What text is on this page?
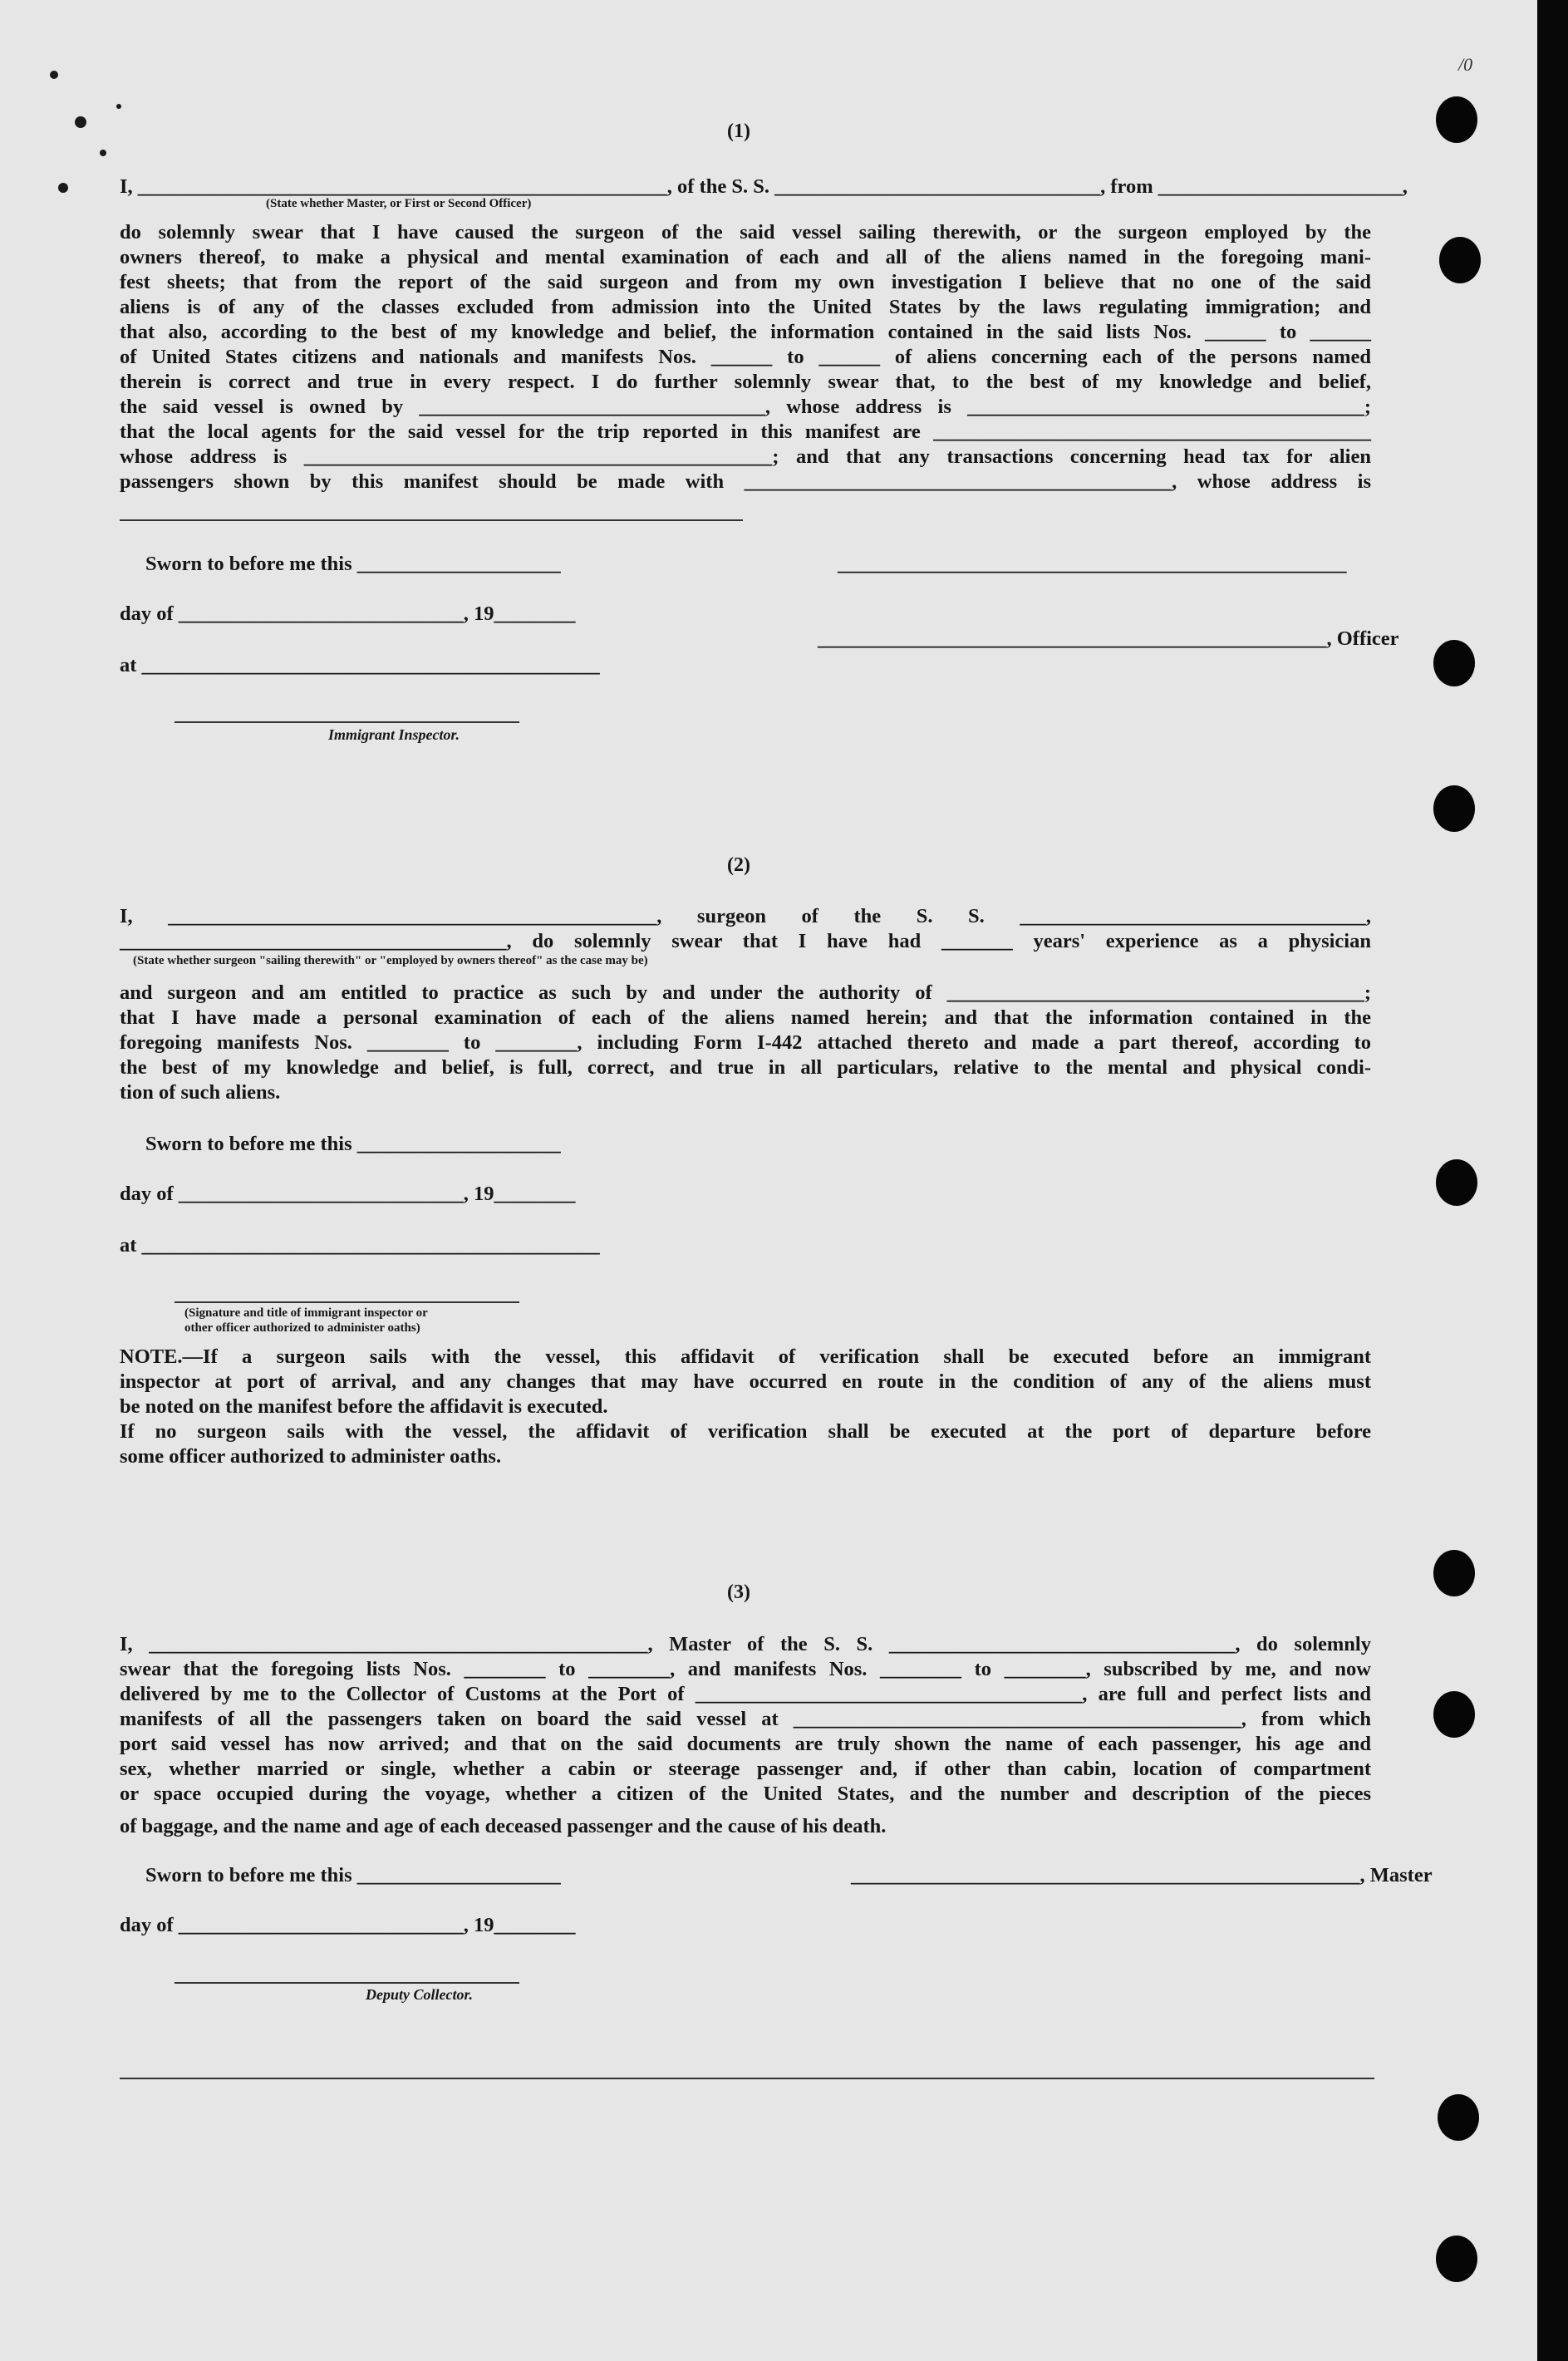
/0
(1)
I, ____________________________________________________, of the S. S. ________________________________, from ________________________,
(State whether Master, or First or Second Officer)
do solemnly swear that I have caused the surgeon of the said vessel sailing therewith, or the surgeon employed by the
owners thereof, to make a physical and mental examination of each and all of the aliens named in the foregoing mani-
fest sheets; that from the report of the said surgeon and from my own investigation I believe that no one of the said
aliens is of any of the classes excluded from admission into the United States by the laws regulating immigration; and
that also, according to the best of my knowledge and belief, the information contained in the said lists Nos. ______ to ______
of United States citizens and nationals and manifests Nos. ______ to ______ of aliens concerning each of the persons named
therein is correct and true in every respect. I do further solemnly swear that, to the best of my knowledge and belief,
the said vessel is owned by __________________________________, whose address is _______________________________________;
that the local agents for the said vessel for the trip reported in this manifest are ___________________________________________
whose address is ______________________________________________; and that any transactions concerning head tax for alien
passengers shown by this manifest should be made with __________________________________________, whose address is
Sworn to before me this ____________________	__________________________________________________
day of ____________________________, 19________
__________________________________________________, Officer
at _____________________________________________
Immigrant Inspector.
(2)
I, ________________________________________________, surgeon of the S. S. __________________________________,
______________________________________, do solemnly swear that I have had _______ years' experience as a physician
(State whether surgeon "sailing therewith" or "employed by owners thereof" as the case may be)
and surgeon and am entitled to practice as such by and under the authority of _________________________________________;
that I have made a personal examination of each of the aliens named herein; and that the information contained in the
foregoing manifests Nos. ________ to ________, including Form I-442 attached thereto and made a part thereof, according to
the best of my knowledge and belief, is full, correct, and true in all particulars, relative to the mental and physical condi-
tion of such aliens.
Sworn to before me this ____________________
day of ____________________________, 19________
at _____________________________________________
(Signature and title of immigrant inspector or
other officer authorized to administer oaths)
NOTE.—If a surgeon sails with the vessel, this affidavit of verification shall be executed before an immigrant
inspector at port of arrival, and any changes that may have occurred en route in the condition of any of the aliens must
be noted on the manifest before the affidavit is executed.
If no surgeon sails with the vessel, the affidavit of verification shall be executed at the port of departure before
some officer authorized to administer oaths.
(3)
I, _________________________________________________, Master of the S. S. __________________________________, do solemnly
swear that the foregoing lists Nos. ________ to ________, and manifests Nos. ________ to ________, subscribed by me, and now
delivered by me to the Collector of Customs at the Port of ______________________________________, are full and perfect lists and
manifests of all the passengers taken on board the said vessel at ____________________________________________, from which
port said vessel has now arrived; and that on the said documents are truly shown the name of each passenger, his age and
sex, whether married or single, whether a cabin or steerage passenger and, if other than cabin, location of compartment
or space occupied during the voyage, whether a citizen of the United States, and the number and description of the pieces
of baggage, and the name and age of each deceased passenger and the cause of his death.
Sworn to before me this ____________________	__________________________________________________, Master
day of ____________________________, 19________
Deputy Collector.
